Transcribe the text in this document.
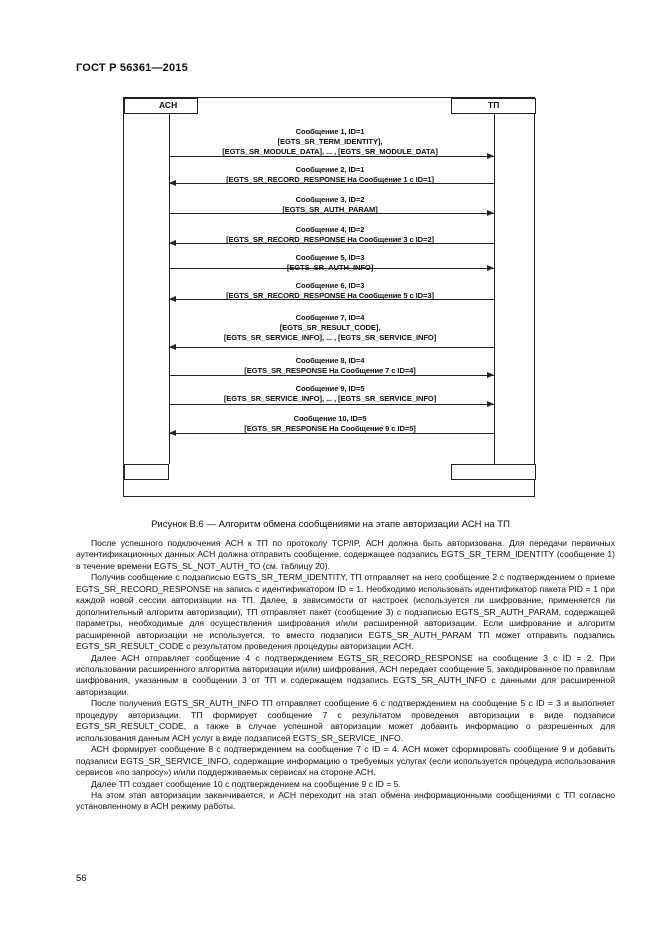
ГОСТ Р 56361—2015
АСН	ТП
Сообщение 1, ID=1
[EGTS_SR_TERM_IDENTITY],
[EGTS_SR_MODULE_DATA], ... , [EGTS_SR_MODULE_DATA]
Сообщение 2, ID=1
[EGTS_SR_RECORD_RESPONSE На Сообщение 1 с ID=1]
Сообщение 3, ID=2
[EGTS_SR_AUTH_PARAM]
Сообщение 4, ID=2
[EGTS_SR_RECORD_RESPONSE На Сообщение 3 с ID=2]
Сообщение 5, ID=3
[EGTS_SR_AUTH_INFO]
Сообщение 6, ID=3
[EGTS_SR_RECORD_RESPONSE На Сообщение 5 с ID=3]
Сообщение 7, ID=4
[EGTS_SR_RESULT_CODE],
[EGTS_SR_SERVICE_INFO], ... , [EGTS_SR_SERVICE_INFO]
Сообщение 8, ID=4
[EGTS_SR_RESPONSE На Сообщение 7 с ID=4]
Сообщение 9, ID=5
[EGTS_SR_SERVICE_INFO], ... , [EGTS_SR_SERVICE_INFO]
Сообщение 10, ID=5
[EGTS_SR_RESPONSE На Сообщение 9 с ID=5]
Рисунок В.6 — Алгоритм обмена сообщениями на этапе авторизации АСН на ТП

После успешного подключения АСН к ТП по протоколу TCP/IP, АСН должна быть авторизована. Для передачи первичных аутентификационных данных АСН должна отправить сообщение, содержащее подзапись EGTS_SR_TERM_IDENTITY (сообщение 1) в течение времени EGTS_SL_NOT_AUTH_TO (см. таблицу 20).

Получив сообщение с подзаписью EGTS_SR_TERM_IDENTITY, ТП отправляет на него сообщение 2 с подтверждением о приеме EGTS_SR_RECORD_RESPONSE на запись с идентификатором ID = 1. Необходимо использовать идентификатор пакета PID = 1 при каждой новой сессии авторизации на ТП. Далее, в зависимости от настроек (используется ли шифрование, применяется ли дополнительный алгоритм авторизации), ТП отправляет пакет (сообщение 3) с подзаписью EGTS_SR_AUTH_PARAM, содержащей параметры, необходимые для осуществления шифрования и/или расширенной авторизации. Если шифрование и алгоритм расширенной авторизации не используется, то вместо подзаписи EGTS_SR_AUTH_PARAM ТП может отправить подзапись EGTS_SR_RESULT_CODE с результатом проведения процедуры авторизации АСН.

Далее АСН отправляет сообщение 4 с подтверждением EGTS_SR_RECORD_RESPONSE на сообщение 3 с ID = 2. При использовании расширенного алгоритма авторизации и(или) шифрования, АСН передает сообщение 5, закодированное по правилам шифрования, указанным в сообщении 3 от ТП и содержащем подзапись EGTS_SR_AUTH_INFO с данными для расширенной авторизации.

После получения EGTS_SR_AUTH_INFO ТП отправляет сообщение 6 с подтверждением на сообщение 5 с ID = 3 и выполняет процедуру авторизации. ТП формирует сообщение 7 с результатом проведения авторизации в виде подзаписи EGTS_SR_RESULT_CODE, а также в случае успешной авторизации может добавить информацию о разрешенных для использования данным АСН услуг в виде подзаписей EGTS_SR_SERVICE_INFO.

АСН формирует сообщение 8 с подтверждением на сообщение 7 с ID = 4. АСН может сформировать сообщение 9 и добавить подзаписи EGTS_SR_SERVICE_INFO, содержащие информацию о требуемых услугах (если используется процедура использования сервисов «по запросу») и/или поддерживаемых сервисах на стороне АСН.

Далее ТП создает сообщение 10 с подтверждением на сообщение 9 с ID = 5.

На этом этап авторизации заканчивается, и АСН переходит на этап обмена информационными сообщениями с ТП согласно установленному в АСН режиму работы.

56
